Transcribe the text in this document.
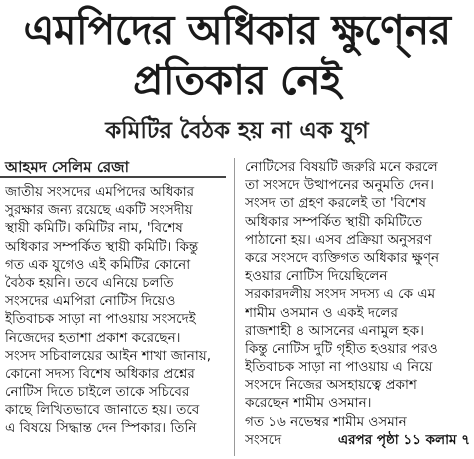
এমপিদের অধিকার ক্ষুণ্নের
প্রতিকার নেই
কমিটির বৈঠক হয় না এক যুগ
আহমদ সেলিম রেজা
জাতীয় সংসদের এমপিদের অধিকার
সুরক্ষার জন্য রয়েছে একটি সংসদীয়
স্থায়ী কমিটি। কমিটির নাম, 'বিশেষ
অধিকার সম্পর্কিত স্থায়ী কমিটি। কিন্তু
গত এক যুগেও এই কমিটির কোনো
বৈঠক হয়নি। তবে এনিয়ে চলতি
সংসদের এমপিরা নোটিস দিয়েও
ইতিবাচক সাড়া না পাওয়ায় সংসদেই
নিজেদের হতাশা প্রকাশ করেছেন।
সংসদ সচিবালয়ের আইন শাখা জানায়,
কোনো সদস্য বিশেষ অধিকার প্রশ্নের
নোটিস দিতে চাইলে তাকে সচিবের
কাছে লিখিতভাবে জানাতে হয়। তবে
এ বিষয়ে সিদ্ধান্ত দেন স্পিকার। তিনি
নোটিসের বিষয়টি জরুরি মনে করলে
তা সংসদে উত্থাপনের অনুমতি দেন।
সংসদ তা গ্রহণ করলেই তা 'বিশেষ
অধিকার সম্পর্কিত স্থায়ী কমিটিতে
পাঠানো হয়। এসব প্রক্রিয়া অনুসরণ
করে সংসদে ব্যক্তিগত অধিকার ক্ষুণ্ন
হওয়ার নোটিস দিয়েছিলেন
সরকারদলীয় সংসদ সদস্য এ কে এম
শামীম ওসমান ও একই দলের
রাজশাহী ৪ আসনের এনামুল হক।
কিন্তু নোটিস দুটি গৃহীত হওয়ার পরও
ইতিবাচক সাড়া না পাওয়ায় এ নিয়ে
সংসদে নিজের অসহায়ত্বে প্রকাশ
করেছেন শামীম ওসমান।
গত ১৬ নভেম্বর শামীম ওসমান
সংসদে	এরপর পৃষ্ঠা ১১ কলাম ৭
